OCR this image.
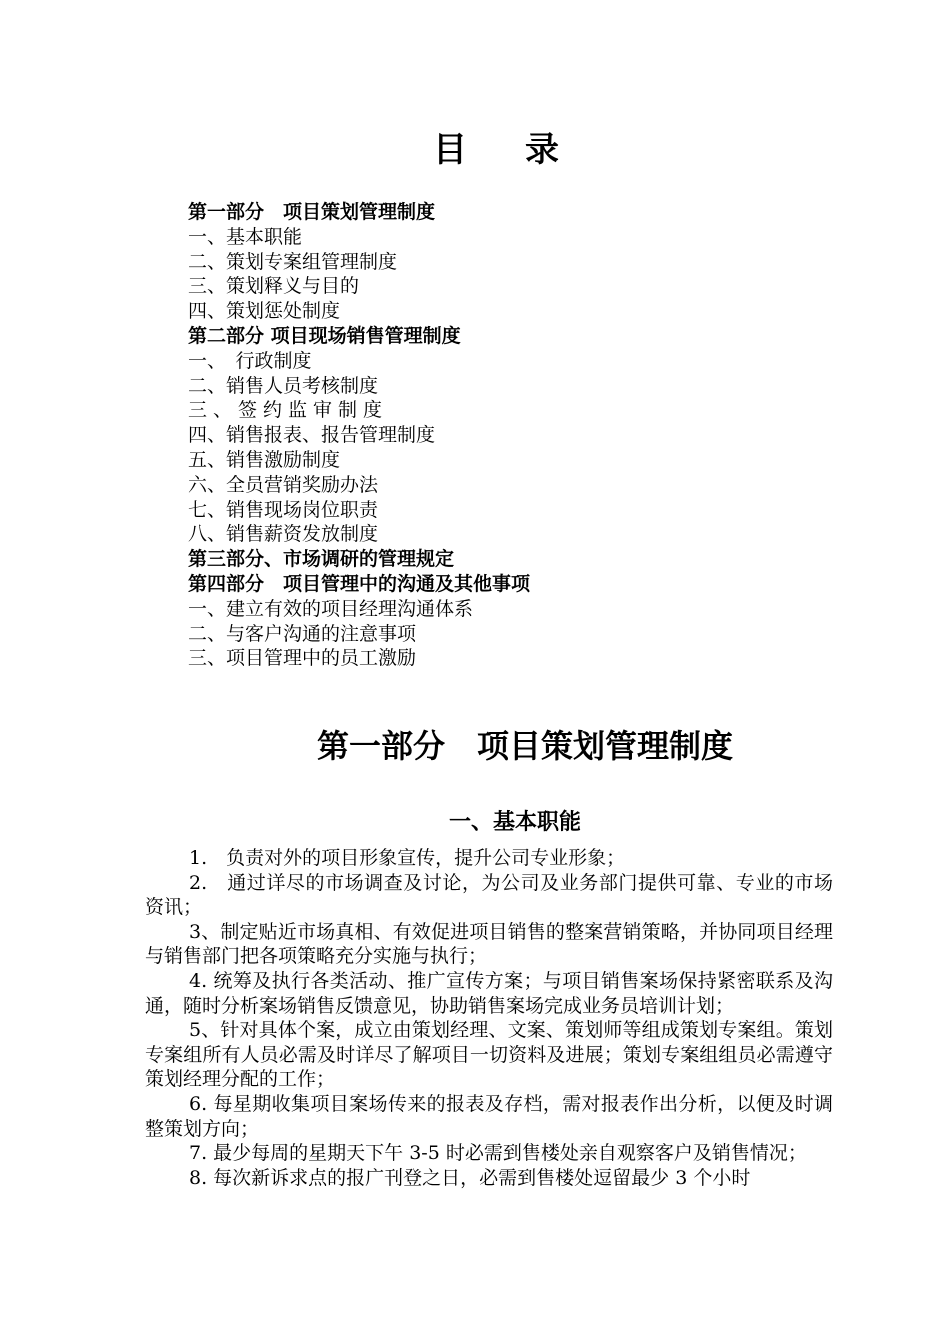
目录
第一部分　项目策划管理制度
一、基本职能
二、策划专案组管理制度
三、策划释义与目的
四、策划惩处制度
第二部分 项目现场销售管理制度
一、　行政制度
二、销售人员考核制度
三、签约监审制度
四、销售报表、报告管理制度
五、销售激励制度
六、全员营销奖励办法
七、销售现场岗位职责
八、销售薪资发放制度
第三部分、市场调研的管理规定
第四部分　项目管理中的沟通及其他事项
一、建立有效的项目经理沟通体系
二、与客户沟通的注意事项
三、项目管理中的员工激励
第一部分　项目策划管理制度
一、基本职能

1.　负责对外的项目形象宣传，提升公司专业形象；

2.　通过详尽的市场调查及讨论，为公司及业务部门提供可靠、专业的市场资讯；

3、制定贴近市场真相、有效促进项目销售的整案营销策略，并协同项目经理与销售部门把各项策略充分实施与执行；

4. 统筹及执行各类活动、推广宣传方案；与项目销售案场保持紧密联系及沟通，随时分析案场销售反馈意见，协助销售案场完成业务员培训计划；

5、针对具体个案，成立由策划经理、文案、策划师等组成策划专案组。策划专案组所有人员必需及时详尽了解项目一切资料及进展；策划专案组组员必需遵守策划经理分配的工作；

6. 每星期收集项目案场传来的报表及存档，需对报表作出分析，以便及时调整策划方向；

7. 最少每周的星期天下午 3-5 时必需到售楼处亲自观察客户及销售情况；

8. 每次新诉求点的报广刊登之日，必需到售楼处逗留最少 3 个小时
